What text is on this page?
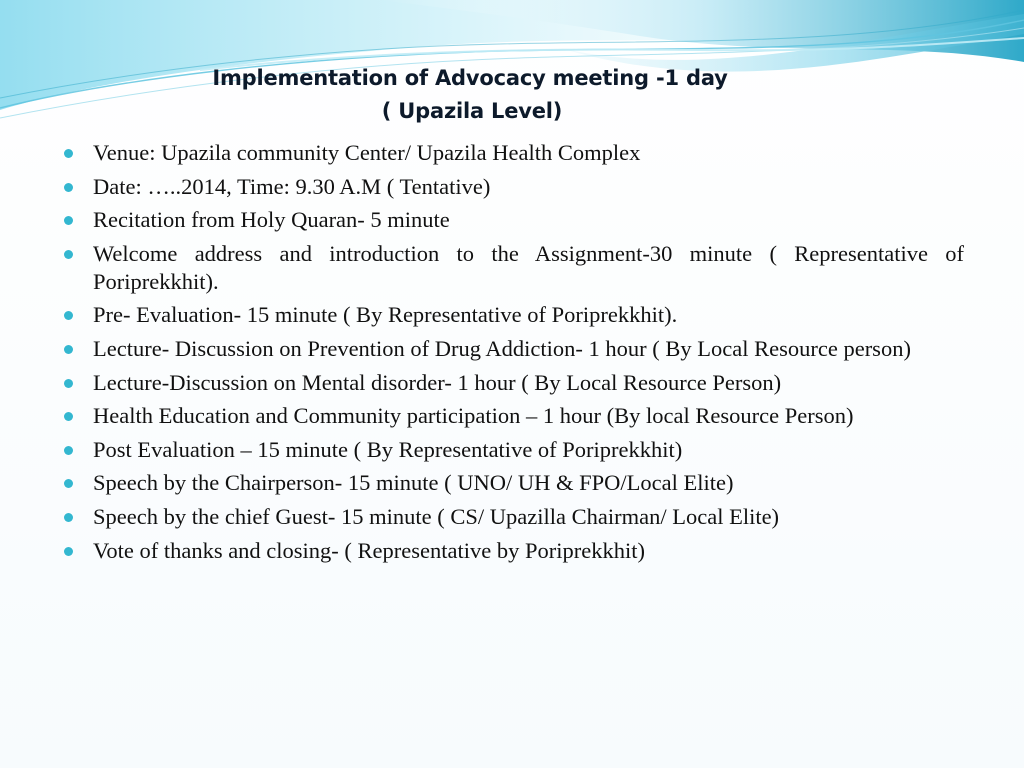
Implementation of Advocacy meeting -1 day
( Upazila Level)
Venue: Upazila community Center/ Upazila Health Complex
Date: …..2014, Time: 9.30 A.M ( Tentative)
Recitation from Holy Quaran- 5 minute
Welcome address and introduction to the Assignment-30 minute ( Representative of Poriprekkhit).
Pre- Evaluation- 15 minute ( By Representative of Poriprekkhit).
Lecture- Discussion on Prevention of Drug Addiction- 1 hour ( By Local Resource person)
Lecture-Discussion on Mental disorder- 1 hour ( By Local Resource Person)
Health Education and Community participation – 1 hour (By local Resource Person)
Post Evaluation – 15 minute ( By Representative of Poriprekkhit)
Speech by the Chairperson- 15 minute ( UNO/ UH & FPO/Local Elite)
Speech by the chief Guest- 15 minute ( CS/ Upazilla Chairman/ Local Elite)
Vote of thanks and closing- ( Representative by Poriprekkhit)
